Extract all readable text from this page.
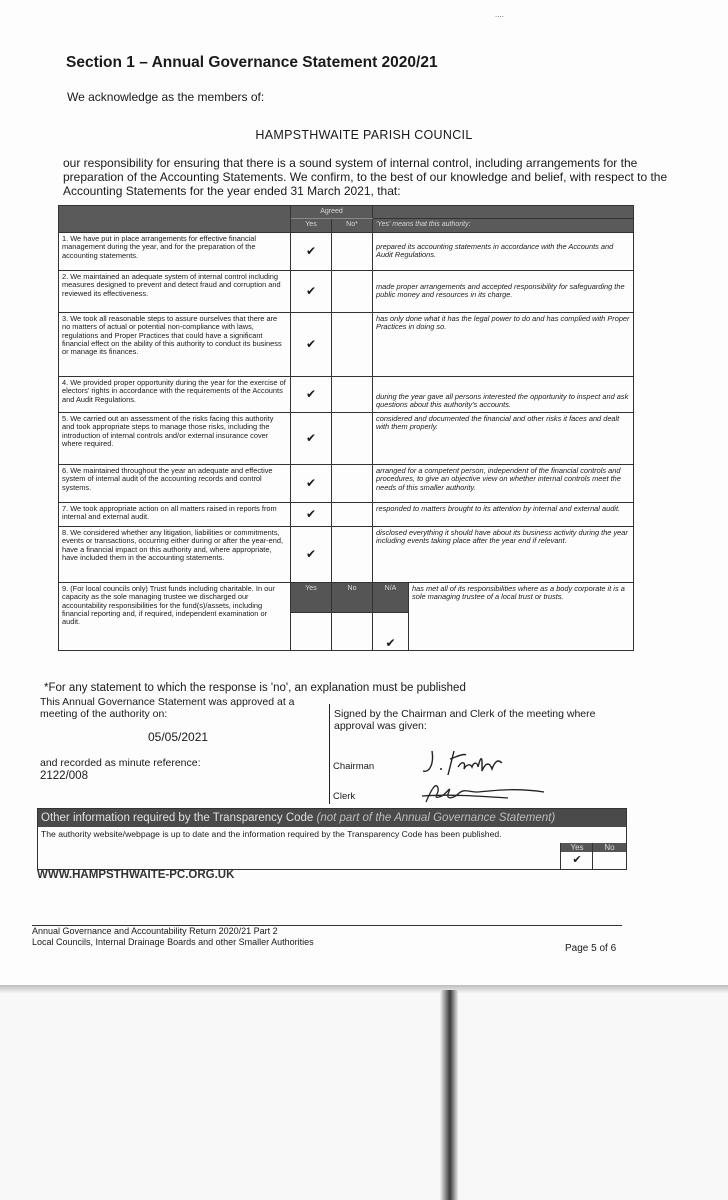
....
Section 1 – Annual Governance Statement 2020/21
We acknowledge as the members of:
HAMPSTHWAITE PARISH COUNCIL
our responsibility for ensuring that there is a sound system of internal control, including arrangements for the preparation of the Accounting Statements. We confirm, to the best of our knowledge and belief, with respect to the Accounting Statements for the year ended 31 March 2021, that:
	Agreed			
	Yes	No*	'Yes' means that this authority:	
1. We have put in place arrangements for effective financial management during the year, and for the preparation of the accounting statements.	✔		prepared its accounting statements in accordance with the Accounts and Audit Regulations.	
2. We maintained an adequate system of internal control including measures designed to prevent and detect fraud and corruption and reviewed its effectiveness.	✔		made proper arrangements and accepted responsibility for safeguarding the public money and resources in its charge.	
3. We took all reasonable steps to assure ourselves that there are no matters of actual or potential non-compliance with laws, regulations and Proper Practices that could have a significant financial effect on the ability of this authority to conduct its business or manage its finances.	✔		has only done what it has the legal power to do and has complied with Proper Practices in doing so.	
4. We provided proper opportunity during the year for the exercise of electors' rights in accordance with the requirements of the Accounts and Audit Regulations.	✔		during the year gave all persons interested the opportunity to inspect and ask questions about this authority's accounts.	
5. We carried out an assessment of the risks facing this authority and took appropriate steps to manage those risks, including the introduction of internal controls and/or external insurance cover where required.	✔		considered and documented the financial and other risks it faces and dealt with them properly.	
6. We maintained throughout the year an adequate and effective system of internal audit of the accounting records and control systems.	✔		arranged for a competent person, independent of the financial controls and procedures, to give an objective view on whether internal controls meet the needs of this smaller authority.	
7. We took appropriate action on all matters raised in reports from internal and external audit.	✔		responded to matters brought to its attention by internal and external audit.	
8. We considered whether any litigation, liabilities or commitments, events or transactions, occurring either during or after the year-end, have a financial impact on this authority and, where appropriate, have included them in the accounting statements.	✔		disclosed everything it should have about its business activity during the year including events taking place after the year end if relevant.	
9. (For local councils only) Trust funds including charitable. In our capacity as the sole managing trustee we discharged our accountability responsibilities for the fund(s)/assets, including financial reporting and, if required, independent examination or audit.	Yes	No	N/A	has met all of its responsibilities where as a body corporate it is a sole managing trustee of a local trust or trusts.
			✔	
*For any statement to which the response is 'no', an explanation must be published
This Annual Governance Statement was approved at a meeting of the authority on:
05/05/2021
and recorded as minute reference:
2122/008
Signed by the Chairman and Clerk of the meeting where approval was given:
Chairman
Clerk
Other information required by the Transparency Code (not part of the Annual Governance Statement)
The authority website/webpage is up to date and the information required by the Transparency Code has been published.
Yes
✔
No
WWW.HAMPSTHWAITE-PC.ORG.UK
Annual Governance and Accountability Return 2020/21 Part 2
Local Councils, Internal Drainage Boards and other Smaller Authorities
Page 5 of 6
